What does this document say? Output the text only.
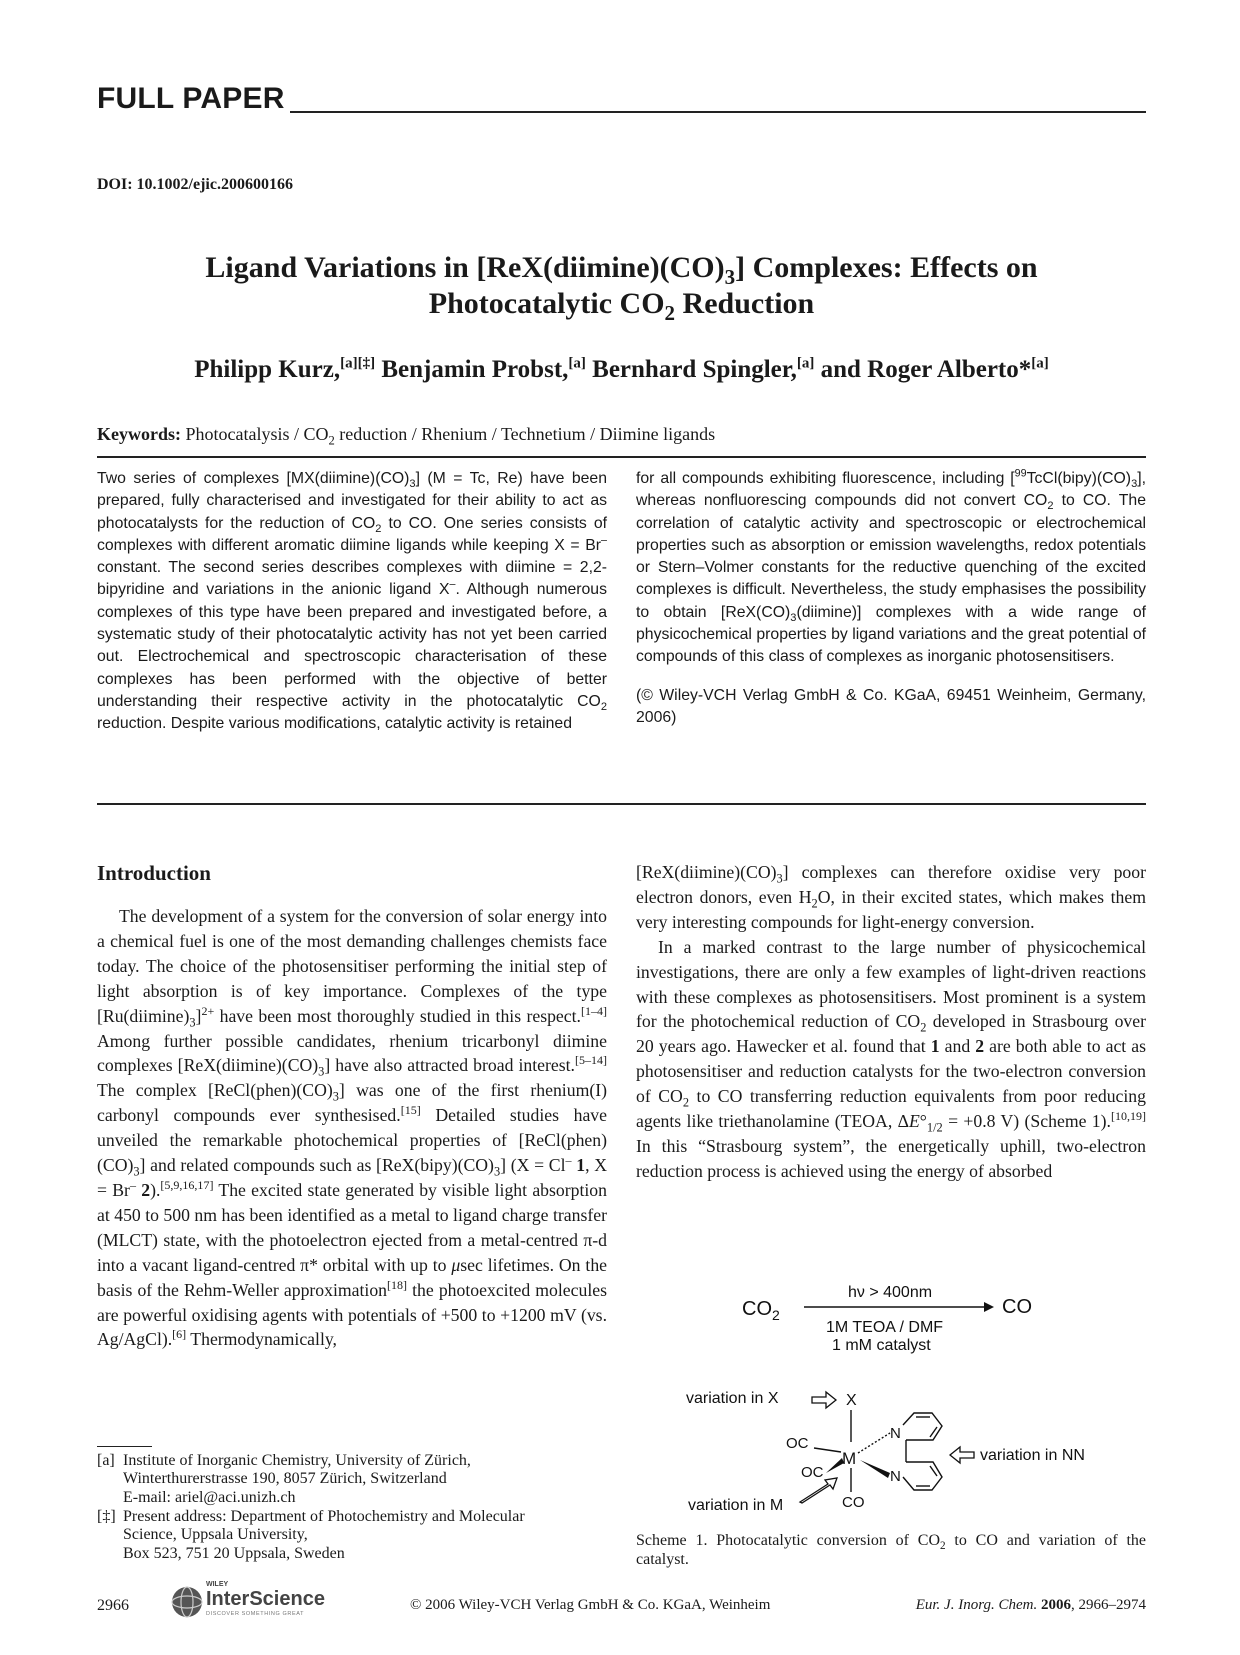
FULL PAPER
DOI: 10.1002/ejic.200600166
Ligand Variations in $[ReX(diimine)(CO)_3]$ Complexes: Effects on
Photocatalytic $CO_2$ Reduction
Philipp Kurz,[a][‡] Benjamin Probst,[a] Bernhard Spingler,[a] and Roger Alberto*[a]
Keywords: Photocatalysis / $CO_2$ reduction / Rhenium / Technetium / Diimine ligands

Two series of complexes $[MX(diimine)(CO)_3] (M = Tc$, Re) have been prepared, fully characterised and investigated for their ability to act as photocatalysts for the reduction of $CO_2$ to CO. One series consists of complexes with different aromatic diimine ligands while keeping X = Br– constant. The second series describes complexes with diimine = 2,2-bipyridine and variations in the anionic ligand X–. Although numerous complexes of this type have been prepared and investigated before, a systematic study of their photocatalytic activity has not yet been carried out. Electrochemical and spectroscopic characterisation of these complexes has been performed with the objective of better understanding their respective activity in the photocatalytic $CO_2$ reduction. Despite various modifications, catalytic activity is retained

for all compounds exhibiting fluorescence, including $[^{99}TcCl(bipy)(CO)_3]$, whereas nonfluorescing compounds did not convert $CO_2$ to CO. The correlation of catalytic activity and spectroscopic or electrochemical properties such as absorption or emission wavelengths, redox potentials or Stern–Volmer constants for the reductive quenching of the excited complexes is difficult. Nevertheless, the study emphasises the possibility to obtain $[ReX(CO)_3(diimine)]$ complexes with a wide range of physicochemical properties by ligand variations and the great potential of compounds of this class of complexes as inorganic photosensitisers.

(© Wiley-VCH Verlag GmbH & Co. KGaA, 69451 Weinheim, Germany, 2006)

Introduction

The development of a system for the conversion of solar energy into a chemical fuel is one of the most demanding challenges chemists face today. The choice of the photosensitiser performing the initial step of light absorption is of key importance. Complexes of the type $[Ru(diimine)_3]^{2+}$ have been most thoroughly studied in this respect.[1–4] Among further possible candidates, rhenium tricarbonyl diimine complexes $[ReX(diimine)(CO)_3]$ have also attracted broad interest.[5–14] The complex $[ReCl(phen)(CO)_3]$ was one of the first rhenium(I) carbonyl compounds ever synthesised.[15] Detailed studies have unveiled the remarkable photochemical properties of $[ReCl(phen)(CO)_3]$ and related compounds such as $[ReX(bipy)(CO)_3] (X = Cl^-$ 1, X = Br– 2).[5,9,16,17] The excited state generated by visible light absorption at 450 to 500 nm has been identified as a metal to ligand charge transfer (MLCT) state, with the photoelectron ejected from a metal-centred π-d into a vacant ligand-centred π* orbital with up to μsec lifetimes. On the basis of the Rehm-Weller approximation[18] the photoexcited molecules are powerful oxidising agents with potentials of +500 to +1200 mV (vs. Ag/AgCl).[6] Thermodynamically,

$[ReX(diimine)(CO)_3]$ complexes can therefore oxidise very poor electron donors, even $H_2O$, in their excited states, which makes them very interesting compounds for light-energy conversion.

In a marked contrast to the large number of physicochemical investigations, there are only a few examples of light-driven reactions with these complexes as photosensitisers. Most prominent is a system for the photochemical reduction of $CO_2$ developed in Strasbourg over 20 years ago. Hawecker et al. found that 1 and 2 are both able to act as photosensitiser and reduction catalysts for the two-electron conversion of $CO_2$ to CO transferring reduction equivalents from poor reducing agents like triethanolamine (TEOA, $\Delta E^\circ_{1/2} = +0.8$ V) (Scheme 1).[10,19] In this “Strasbourg system”, the energetically uphill, two-electron reduction process is achieved using the energy of absorbed

$CO_2$
hν > 400nm
1M TEOA / DMF
1 mM catalyst
CO
variation in X	X
M
OC
OC
CO
N
N
variation in NN
variation in M
Scheme 1. Photocatalytic conversion of $CO_2$ to CO and variation of the catalyst.
[a] Institute of Inorganic Chemistry, University of Zürich,
Winterthurerstrasse 190, 8057 Zürich, Switzerland
E-mail: ariel@aci.unizh.ch
[‡] Present address: Department of Photochemistry and Molecular
Science, Uppsala University,
Box 523, 751 20 Uppsala, Sweden
2966
WILEY
InterScience
DISCOVER SOMETHING GREAT
© 2006 Wiley-VCH Verlag GmbH & Co. KGaA, Weinheim	Eur. J. Inorg. Chem. 2006, 2966–2974
